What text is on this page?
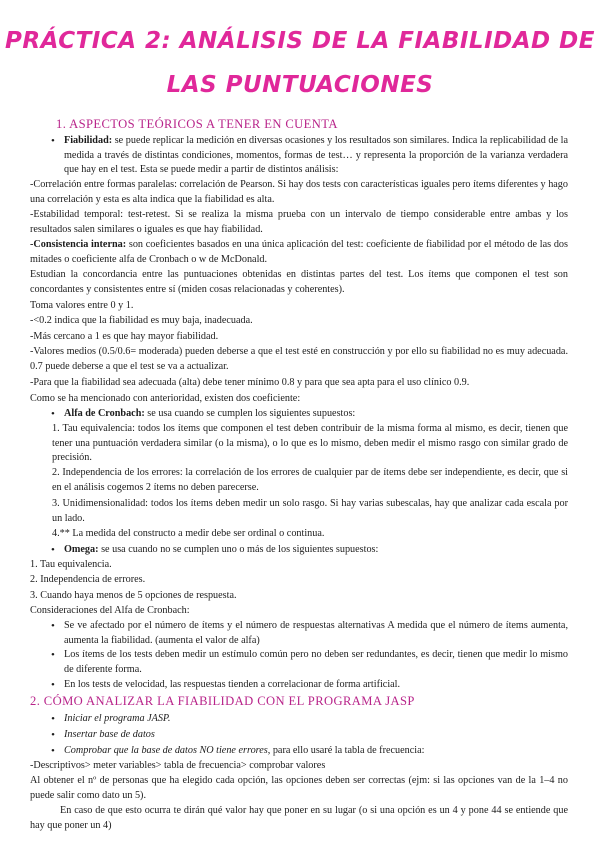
PRÁCTICA 2: ANÁLISIS DE LA FIABILIDAD DE
LAS PUNTUACIONES
1. ASPECTOS TEÓRICOS A TENER EN CUENTA
• Fiabilidad: se puede replicar la medición en diversas ocasiones y los resultados son similares. Indica la replicabilidad de la medida a través de distintas condiciones, momentos, formas de test… y representa la proporción de la varianza verdadera que hay en el test. Esta se puede medir a partir de distintos análisis:
-Correlación entre formas paralelas: correlación de Pearson. Si hay dos tests con características iguales pero ítems diferentes y hago una correlación y esta es alta indica que la fiabilidad es alta.
-Estabilidad temporal: test-retest. Si se realiza la misma prueba con un intervalo de tiempo considerable entre ambas y los resultados salen similares o iguales es que hay fiabilidad.
-Consistencia interna: son coeficientes basados en una única aplicación del test: coeficiente de fiabilidad por el método de las dos mitades o coeficiente alfa de Cronbach o w de McDonald.
Estudian la concordancia entre las puntuaciones obtenidas en distintas partes del test. Los ítems que componen el test son concordantes y consistentes entre sí (miden cosas relacionadas y coherentes).
Toma valores entre 0 y 1.
-<0.2 indica que la fiabilidad es muy baja, inadecuada.
-Más cercano a 1 es que hay mayor fiabilidad.
-Valores medios (0.5/0.6= moderada) pueden deberse a que el test esté en construcción y por ello su fiabilidad no es muy adecuada. 0.7 puede deberse a que el test se va a actualizar.
-Para que la fiabilidad sea adecuada (alta) debe tener mínimo 0.8 y para que sea apta para el uso clínico 0.9.
Como se ha mencionado con anterioridad, existen dos coeficiente:
• Alfa de Cronbach: se usa cuando se cumplen los siguientes supuestos:
1. Tau equivalencia: todos los ítems que componen el test deben contribuir de la misma forma al mismo, es decir, tienen que tener una puntuación verdadera similar (o la misma), o lo que es lo mismo, deben medir el mismo rasgo con similar grado de precisión.
2. Independencia de los errores: la correlación de los errores de cualquier par de ítems debe ser independiente, es decir, que si en el análisis cogemos 2 ítems no deben parecerse.
3. Unidimensionalidad: todos los ítems deben medir un solo rasgo. Si hay varias subescalas, hay que analizar cada escala por un lado.
4.** La medida del constructo a medir debe ser ordinal o continua.
• Omega: se usa cuando no se cumplen uno o más de los siguientes supuestos:
1. Tau equivalencia.
2. Independencia de errores.
3. Cuando haya menos de 5 opciones de respuesta.
Consideraciones del Alfa de Cronbach:
• Se ve afectado por el número de ítems y el número de respuestas alternativas A medida que el número de ítems aumenta, aumenta la fiabilidad. (aumenta el valor de alfa)
• Los ítems de los tests deben medir un estímulo común pero no deben ser redundantes, es decir, tienen que medir lo mismo de diferente forma.
• En los tests de velocidad, las respuestas tienden a correlacionar de forma artificial.
2. CÓMO ANALIZAR LA FIABILIDAD CON EL PROGRAMA JASP
• Iniciar el programa JASP.
• Insertar base de datos
• Comprobar que la base de datos NO tiene errores, para ello usaré la tabla de frecuencia:
-Descriptivos> meter variables> tabla de frecuencia> comprobar valores
Al obtener el nº de personas que ha elegido cada opción, las opciones deben ser correctas (ejm: si las opciones van de la 1–4 no puede salir como dato un 5).
En caso de que esto ocurra te dirán qué valor hay que poner en su lugar (o si una opción es un 4 y pone 44 se entiende que hay que poner un 4)
